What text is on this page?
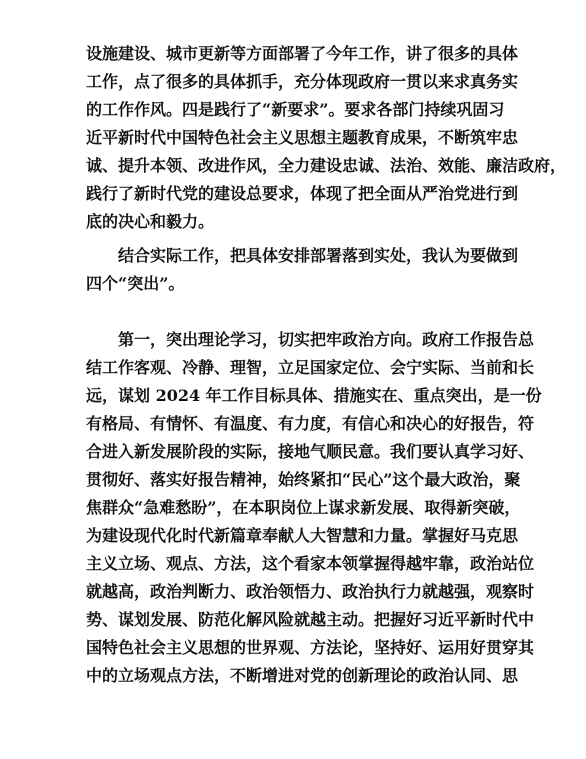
设施建设、城市更新等方面部署了今年工作，讲了很多的具体
工作，点了很多的具体抓手，充分体现政府一贯以来求真务实
的工作作风。四是践行了“新要求”。要求各部门持续巩固习
近平新时代中国特色社会主义思想主题教育成果，不断筑牢忠
诚、提升本领、改进作风，全力建设忠诚、法治、效能、廉洁政府，
践行了新时代党的建设总要求，体现了把全面从严治党进行到
底的决心和毅力。
结合实际工作，把具体安排部署落到实处，我认为要做到
四个“突出”。
第一，突出理论学习，切实把牢政治方向。政府工作报告总
结工作客观、冷静、理智，立足国家定位、会宁实际、当前和长
远，谋划 2024 年工作目标具体、措施实在、重点突出，是一份
有格局、有情怀、有温度、有力度，有信心和决心的好报告，符
合进入新发展阶段的实际，接地气顺民意。我们要认真学习好、
贯彻好、落实好报告精神，始终紧扣“民心”这个最大政治，聚
焦群众“急难愁盼”，在本职岗位上谋求新发展、取得新突破，
为建设现代化时代新篇章奉献人大智慧和力量。掌握好马克思
主义立场、观点、方法，这个看家本领掌握得越牢靠，政治站位
就越高，政治判断力、政治领悟力、政治执行力就越强，观察时
势、谋划发展、防范化解风险就越主动。把握好习近平新时代中
国特色社会主义思想的世界观、方法论，坚持好、运用好贯穿其
中的立场观点方法，不断增进对党的创新理论的政治认同、思
